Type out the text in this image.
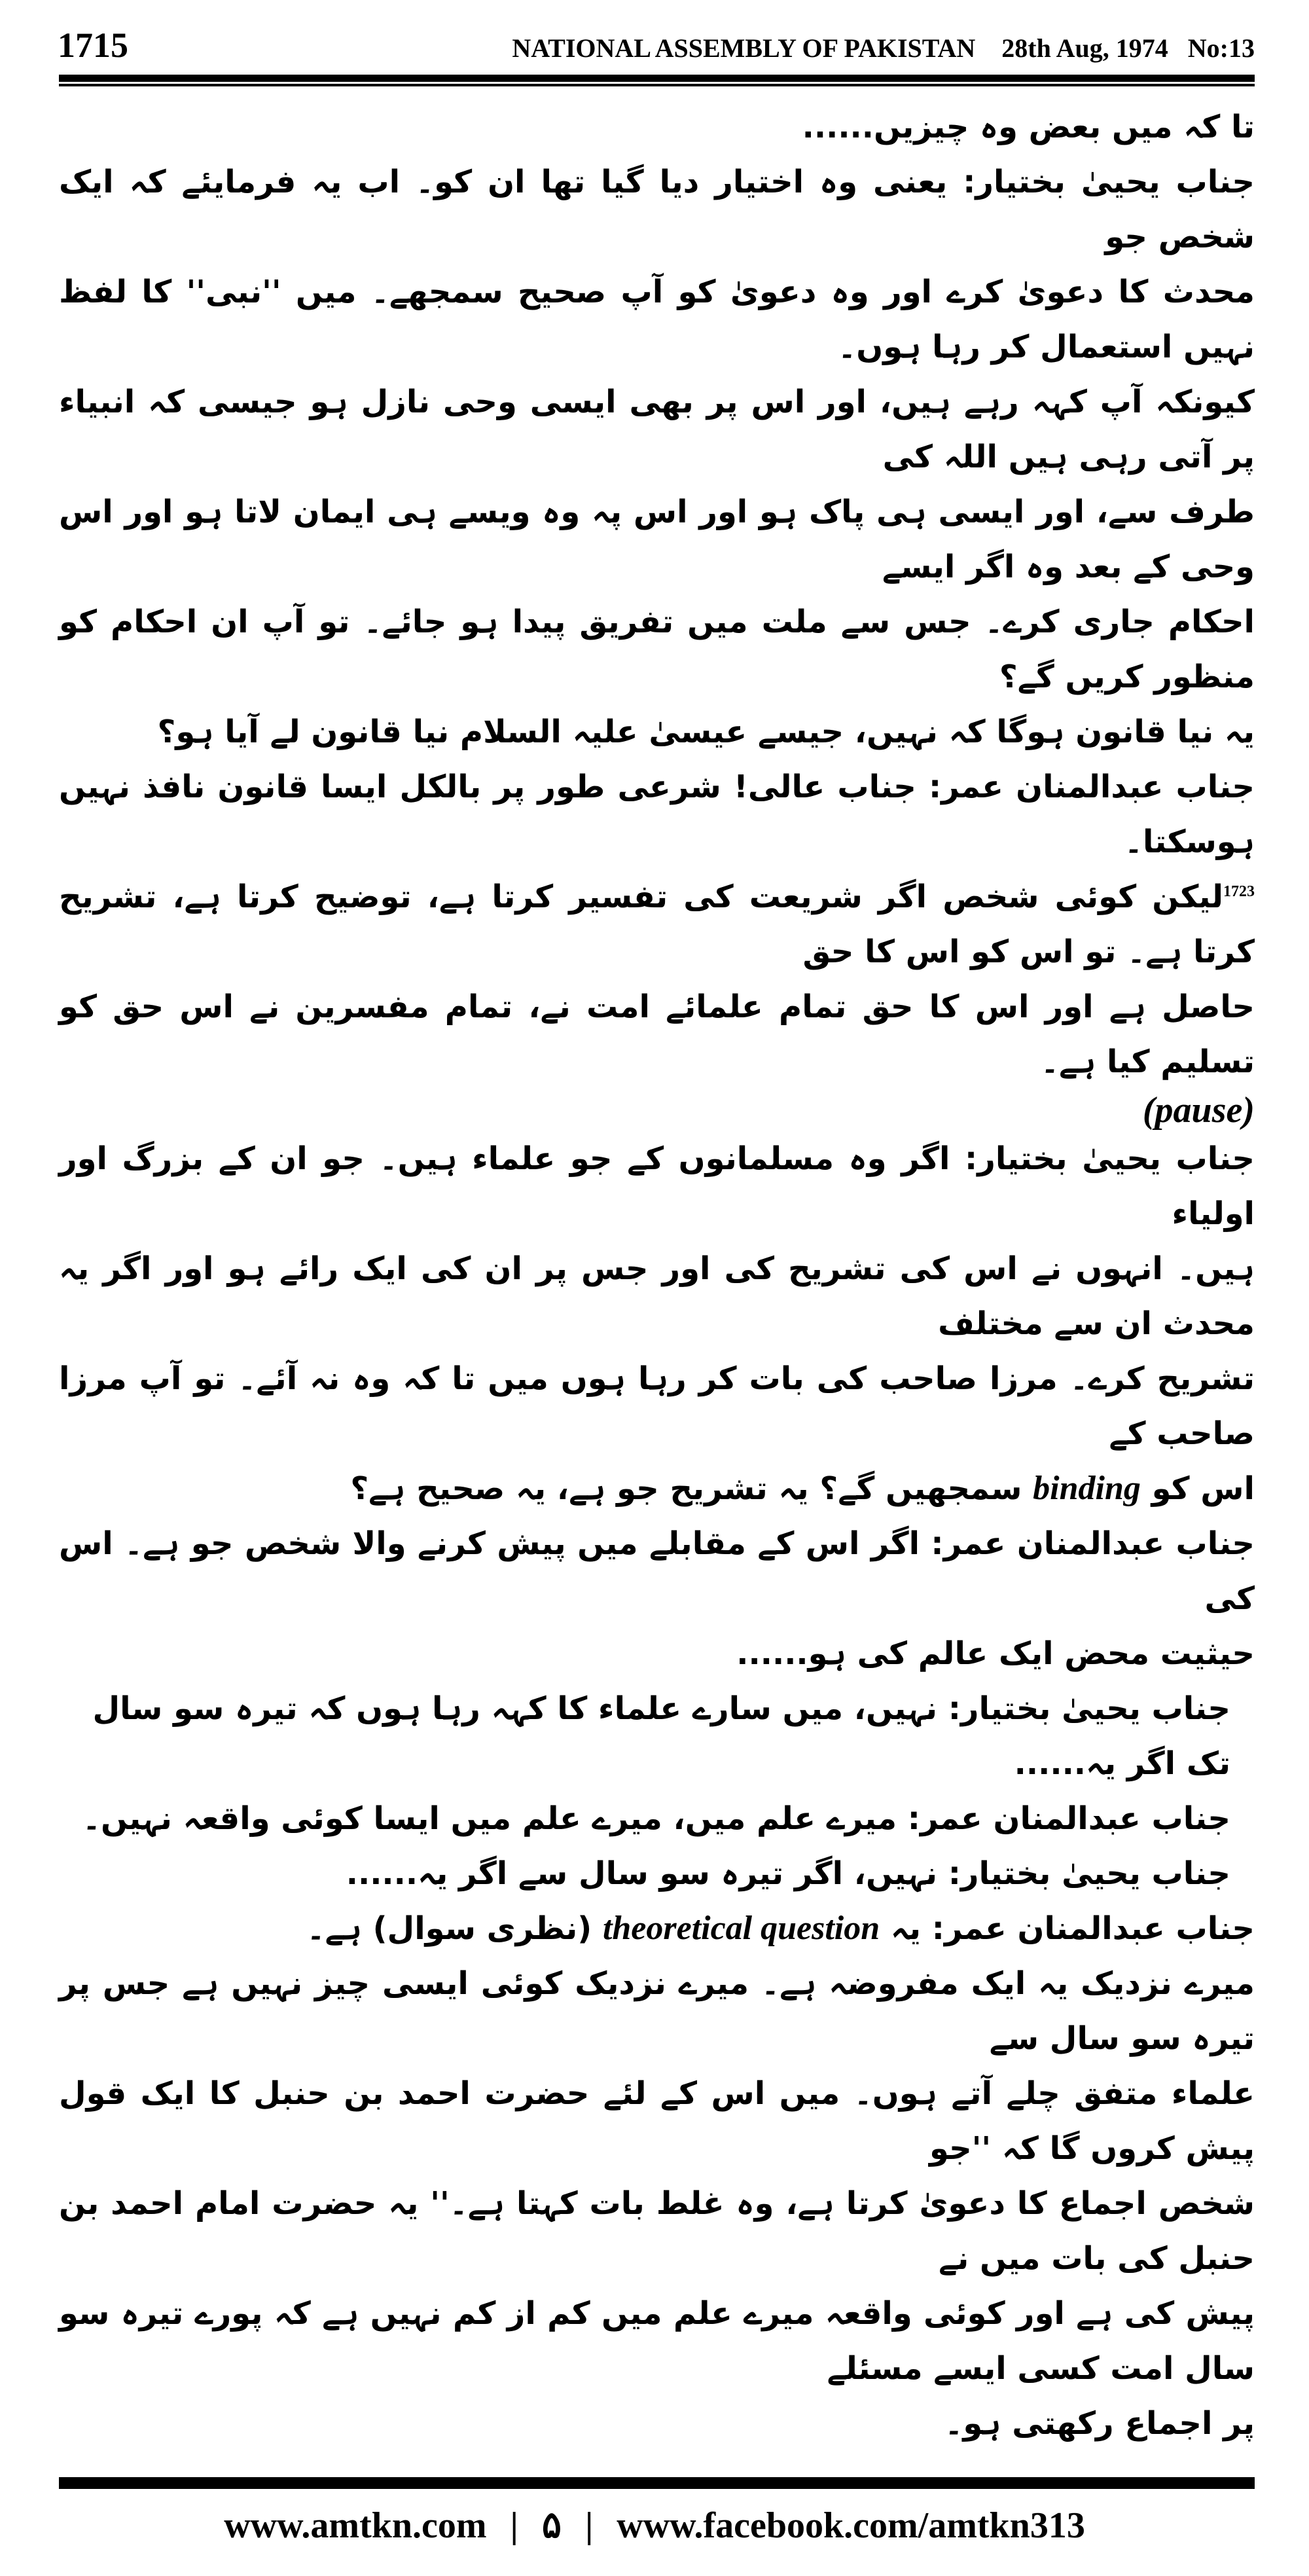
1715	NATIONAL ASSEMBLY OF PAKISTAN    28th Aug, 1974   No:13
تا کہ میں بعض وہ چیزیں......
جناب یحییٰ بختیار: یعنی وہ اختیار دیا گیا تھا ان کو۔ اب یہ فرمایئے کہ ایک شخص جو
محدث کا دعویٰ کرے اور وہ دعویٰ کو آپ صحیح سمجھے۔ میں ''نبی'' کا لفظ نہیں استعمال کر رہا ہوں۔
کیونکہ آپ کہہ رہے ہیں، اور اس پر بھی ایسی وحی نازل ہو جیسی کہ انبیاء پر آتی رہی ہیں اللہ کی
طرف سے، اور ایسی ہی پاک ہو اور اس پہ وہ ویسے ہی ایمان لاتا ہو اور اس وحی کے بعد وہ اگر ایسے
احکام جاری کرے۔ جس سے ملت میں تفریق پیدا ہو جائے۔ تو آپ ان احکام کو منظور کریں گے؟
یہ نیا قانون ہوگا کہ نہیں، جیسے عیسیٰ علیہ السلام نیا قانون لے آیا ہو؟
جناب عبدالمنان عمر: جناب عالی! شرعی طور پر بالکل ایسا قانون نافذ نہیں ہوسکتا۔
$^{1723}$لیکن کوئی شخص اگر شریعت کی تفسیر کرتا ہے، توضیح کرتا ہے، تشریح کرتا ہے۔ تو اس کو اس کا حق
حاصل ہے اور اس کا حق تمام علمائے امت نے، تمام مفسرین نے اس حق کو تسلیم کیا ہے۔
(pause)
جناب یحییٰ بختیار: اگر وہ مسلمانوں کے جو علماء ہیں۔ جو ان کے بزرگ اور اولیاء
ہیں۔ انہوں نے اس کی تشریح کی اور جس پر ان کی ایک رائے ہو اور اگر یہ محدث ان سے مختلف
تشریح کرے۔ مرزا صاحب کی بات کر رہا ہوں میں تا کہ وہ نہ آئے۔ تو آپ مرزا صاحب کے
اس کو binding سمجھیں گے؟ یہ تشریح جو ہے، یہ صحیح ہے؟
جناب عبدالمنان عمر: اگر اس کے مقابلے میں پیش کرنے والا شخص جو ہے۔ اس کی
حیثیت محض ایک عالم کی ہو......
جناب یحییٰ بختیار: نہیں، میں سارے علماء کا کہہ رہا ہوں کہ تیرہ سو سال تک اگر یہ......
جناب عبدالمنان عمر: میرے علم میں، میرے علم میں ایسا کوئی واقعہ نہیں۔
جناب یحییٰ بختیار: نہیں، اگر تیرہ سو سال سے اگر یہ......
جناب عبدالمنان عمر: یہ theoretical question (نظری سوال) ہے۔
میرے نزدیک یہ ایک مفروضہ ہے۔ میرے نزدیک کوئی ایسی چیز نہیں ہے جس پر تیرہ سو سال سے
علماء متفق چلے آتے ہوں۔ میں اس کے لئے حضرت احمد بن حنبل کا ایک قول پیش کروں گا کہ ''جو
شخص اجماع کا دعویٰ کرتا ہے، وہ غلط بات کہتا ہے۔'' یہ حضرت امام احمد بن حنبل کی بات میں نے
پیش کی ہے اور کوئی واقعہ میرے علم میں کم از کم نہیں ہے کہ پورے تیرہ سو سال امت کسی ایسے مسئلے
پر اجماع رکھتی ہو۔
www.amtkn.com | ۵ | www.facebook.com/amtkn313
